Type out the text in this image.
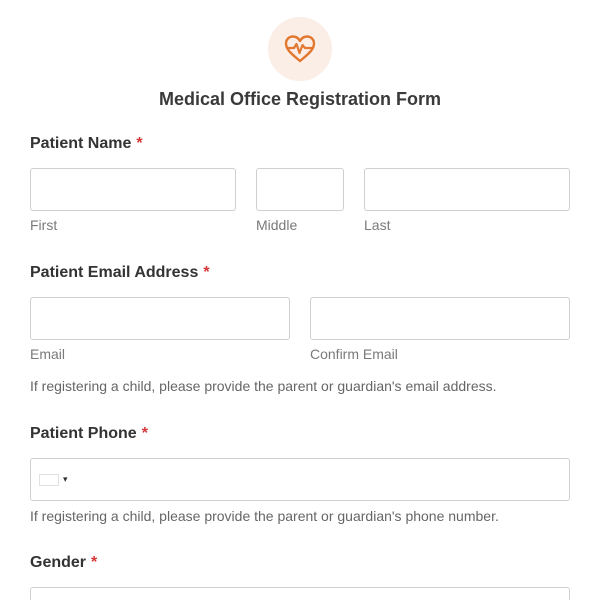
Medical Office Registration Form
Patient Name *
First	Middle	Last
Patient Email Address *
Email	Confirm Email
If registering a child, please provide the parent or guardian's email address.
Patient Phone *
▾
If registering a child, please provide the parent or guardian's phone number.
Gender *
